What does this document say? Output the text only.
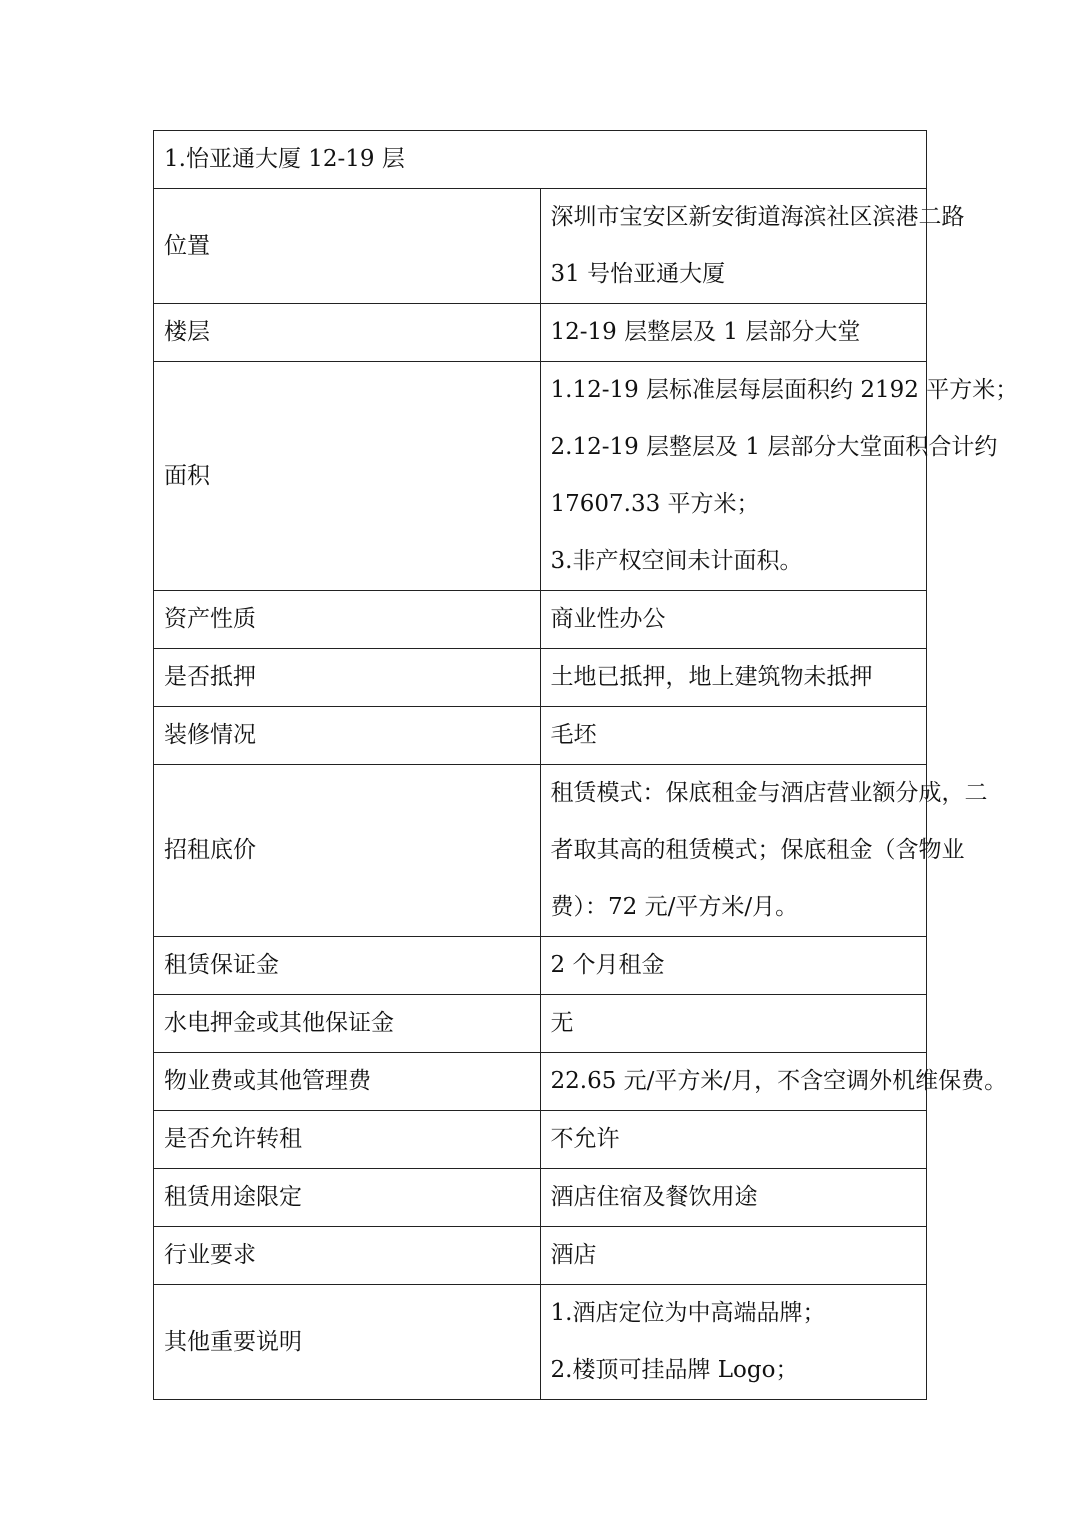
1.怡亚通大厦 12-19 层	
位置	深圳市宝安区新安街道海滨社区滨港二路
31 号怡亚通大厦

楼层	12-19 层整层及 1 层部分大堂

面积	1.12-19 层标准层每层面积约 2192 平方米；
2.12-19 层整层及 1 层部分大堂面积合计约
17607.33 平方米；
3.非产权空间未计面积。

资产性质	商业性办公

是否抵押	土地已抵押，地上建筑物未抵押

装修情况	毛坯

招租底价	租赁模式：保底租金与酒店营业额分成，二
者取其高的租赁模式；保底租金（含物业
费）：72 元/平方米/月。

租赁保证金	2 个月租金

水电押金或其他保证金	无

物业费或其他管理费	22.65 元/平方米/月，不含空调外机维保费。

是否允许转租	不允许

租赁用途限定	酒店住宿及餐饮用途

行业要求	酒店

其他重要说明	1.酒店定位为中高端品牌；
2.楼顶可挂品牌 Logo；
